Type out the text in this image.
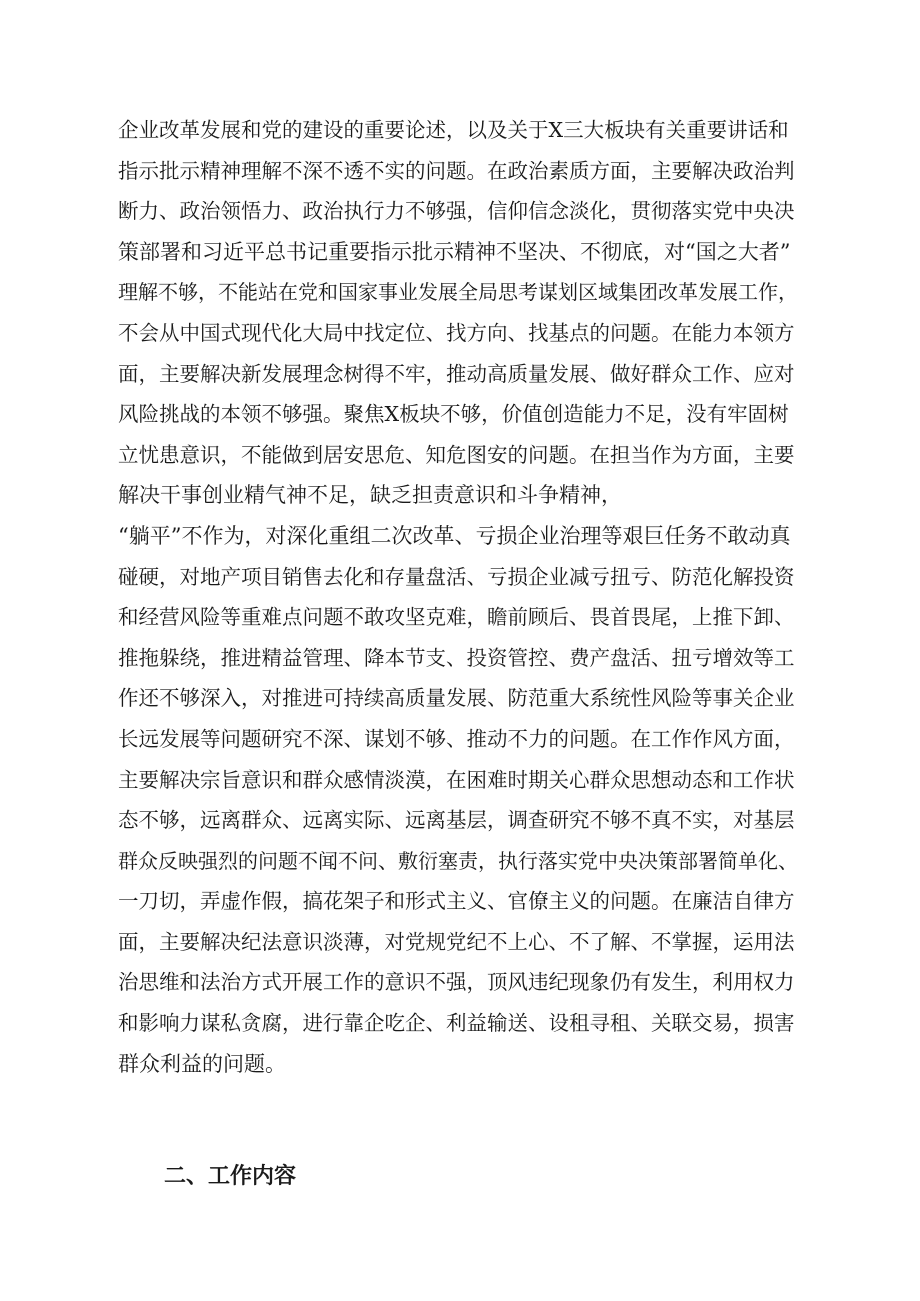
企业改革发展和党的建设的重要论述，以及关于X三大板块有关重要讲话和
指示批示精神理解不深不透不实的问题。在政治素质方面，主要解决政治判
断力、政治领悟力、政治执行力不够强，信仰信念淡化，贯彻落实党中央决
策部署和习近平总书记重要指示批示精神不坚决、不彻底，对“国之大者”
理解不够，不能站在党和国家事业发展全局思考谋划区域集团改革发展工作，
不会从中国式现代化大局中找定位、找方向、找基点的问题。在能力本领方
面，主要解决新发展理念树得不牢，推动高质量发展、做好群众工作、应对
风险挑战的本领不够强。聚焦X板块不够，价值创造能力不足，没有牢固树
立忧患意识，不能做到居安思危、知危图安的问题。在担当作为方面，主要
解决干事创业精气神不足，缺乏担责意识和斗争精神，
“躺平”不作为，对深化重组二次改革、亏损企业治理等艰巨任务不敢动真
碰硬，对地产项目销售去化和存量盘活、亏损企业减亏扭亏、防范化解投资
和经营风险等重难点问题不敢攻坚克难，瞻前顾后、畏首畏尾，上推下卸、
推拖躲绕，推进精益管理、降本节支、投资管控、费产盘活、扭亏增效等工
作还不够深入，对推进可持续高质量发展、防范重大系统性风险等事关企业
长远发展等问题研究不深、谋划不够、推动不力的问题。在工作作风方面，
主要解决宗旨意识和群众感情淡漠，在困难时期关心群众思想动态和工作状
态不够，远离群众、远离实际、远离基层，调查研究不够不真不实，对基层
群众反映强烈的问题不闻不问、敷衍塞责，执行落实党中央决策部署简单化、
一刀切，弄虚作假，搞花架子和形式主义、官僚主义的问题。在廉洁自律方
面，主要解决纪法意识淡薄，对党规党纪不上心、不了解、不掌握，运用法
治思维和法治方式开展工作的意识不强，顶风违纪现象仍有发生，利用权力
和影响力谋私贪腐，进行靠企吃企、利益输送、设租寻租、关联交易，损害
群众利益的问题。
二、工作内容
